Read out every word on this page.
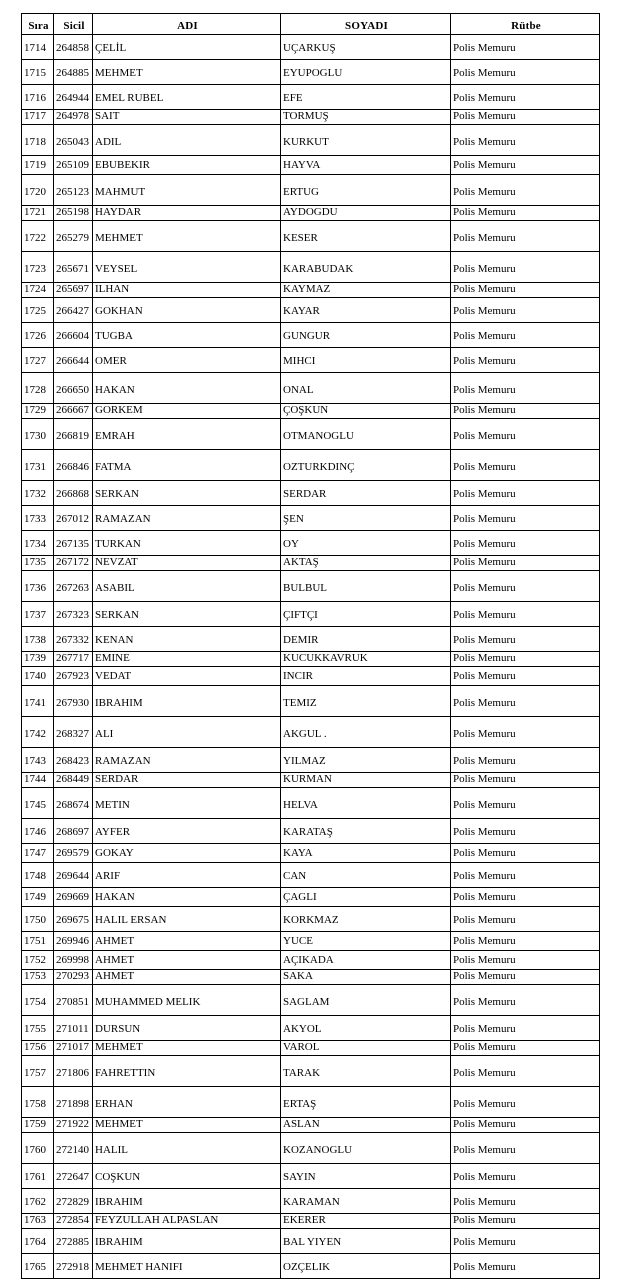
Sıra	Sicil	ADI	SOYADI	Rütbe
1714	264858	ÇELİL	UÇARKUŞ	Polis Memuru
1715	264885	MEHMET	EYUPOGLU	Polis Memuru
1716	264944	EMEL RUBEL	EFE	Polis Memuru
1717	264978	SAIT	TORMUŞ	Polis Memuru
1718	265043	ADIL	KURKUT	Polis Memuru
1719	265109	EBUBEKIR	HAYVA	Polis Memuru
1720	265123	MAHMUT	ERTUG	Polis Memuru
1721	265198	HAYDAR	AYDOGDU	Polis Memuru
1722	265279	MEHMET	KESER	Polis Memuru
1723	265671	VEYSEL	KARABUDAK	Polis Memuru
1724	265697	ILHAN	KAYMAZ	Polis Memuru
1725	266427	GOKHAN	KAYAR	Polis Memuru
1726	266604	TUGBA	GUNGUR	Polis Memuru
1727	266644	OMER	MIHCI	Polis Memuru
1728	266650	HAKAN	ONAL	Polis Memuru
1729	266667	GORKEM	ÇOŞKUN	Polis Memuru
1730	266819	EMRAH	OTMANOGLU	Polis Memuru
1731	266846	FATMA	OZTURKDINÇ	Polis Memuru
1732	266868	SERKAN	SERDAR	Polis Memuru
1733	267012	RAMAZAN	ŞEN	Polis Memuru
1734	267135	TURKAN	OY	Polis Memuru
1735	267172	NEVZAT	AKTAŞ	Polis Memuru
1736	267263	ASABIL	BULBUL	Polis Memuru
1737	267323	SERKAN	ÇIFTÇI	Polis Memuru
1738	267332	KENAN	DEMIR	Polis Memuru
1739	267717	EMINE	KUCUKKAVRUK	Polis Memuru
1740	267923	VEDAT	INCIR	Polis Memuru
1741	267930	IBRAHIM	TEMIZ	Polis Memuru
1742	268327	ALI	AKGUL .	Polis Memuru
1743	268423	RAMAZAN	YILMAZ	Polis Memuru
1744	268449	SERDAR	KURMAN	Polis Memuru
1745	268674	METIN	HELVA	Polis Memuru
1746	268697	AYFER	KARATAŞ	Polis Memuru
1747	269579	GOKAY	KAYA	Polis Memuru
1748	269644	ARIF	CAN	Polis Memuru
1749	269669	HAKAN	ÇAGLI	Polis Memuru
1750	269675	HALIL ERSAN	KORKMAZ	Polis Memuru
1751	269946	AHMET	YUCE	Polis Memuru
1752	269998	AHMET	AÇIKADA	Polis Memuru
1753	270293	AHMET	SAKA	Polis Memuru
1754	270851	MUHAMMED MELIK	SAGLAM	Polis Memuru
1755	271011	DURSUN	AKYOL	Polis Memuru
1756	271017	MEHMET	VAROL	Polis Memuru
1757	271806	FAHRETTIN	TARAK	Polis Memuru
1758	271898	ERHAN	ERTAŞ	Polis Memuru
1759	271922	MEHMET	ASLAN	Polis Memuru
1760	272140	HALIL	KOZANOGLU	Polis Memuru
1761	272647	COŞKUN	SAYIN	Polis Memuru
1762	272829	IBRAHIM	KARAMAN	Polis Memuru
1763	272854	FEYZULLAH ALPASLAN	EKERER	Polis Memuru
1764	272885	IBRAHIM	BAL YIYEN	Polis Memuru
1765	272918	MEHMET HANIFI	OZÇELIK	Polis Memuru
